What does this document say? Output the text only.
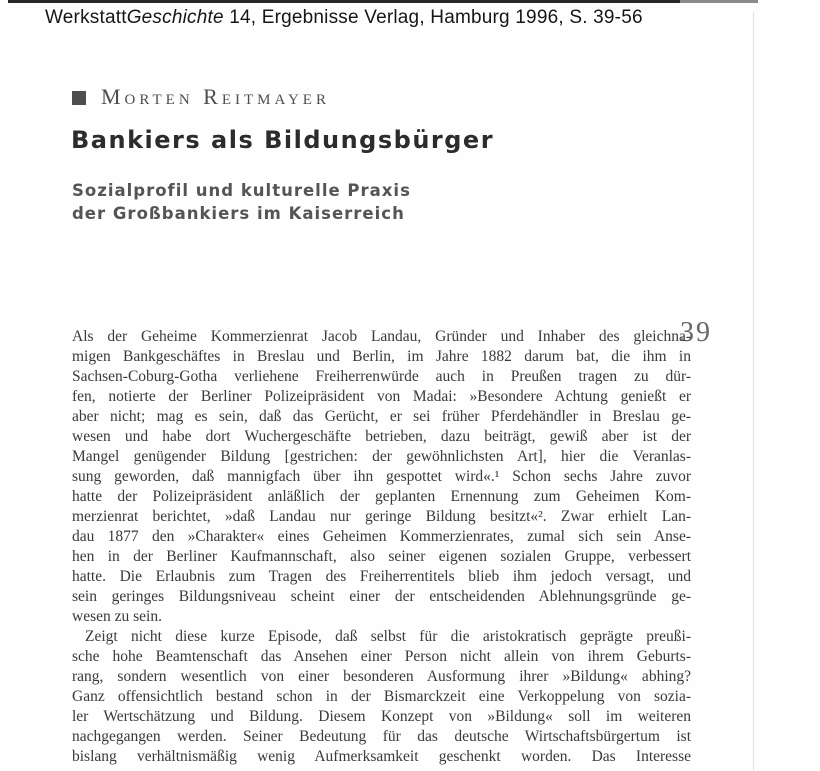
WerkstattGeschichte 14, Ergebnisse Verlag, Hamburg 1996, S. 39-56
Morten Reitmayer
Bankiers als Bildungsbürger
Sozialprofil und kulturelle Praxis
der Großbankiers im Kaiserreich
39
Als der Geheime Kommerzienrat Jacob Landau, Gründer und Inhaber des gleichna-
migen Bankgeschäftes in Breslau und Berlin, im Jahre 1882 darum bat, die ihm in
Sachsen-Coburg-Gotha verliehene Freiherrenwürde auch in Preußen tragen zu dür-
fen, notierte der Berliner Polizeipräsident von Madai: »Besondere Achtung genießt er
aber nicht; mag es sein, daß das Gerücht, er sei früher Pferdehändler in Breslau ge-
wesen und habe dort Wuchergeschäfte betrieben, dazu beiträgt, gewiß aber ist der
Mangel genügender Bildung [gestrichen: der gewöhnlichsten Art], hier die Veranlas-
sung geworden, daß mannigfach über ihn gespottet wird«.¹ Schon sechs Jahre zuvor
hatte der Polizeipräsident anläßlich der geplanten Ernennung zum Geheimen Kom-
merzienrat berichtet, »daß Landau nur geringe Bildung besitzt«². Zwar erhielt Lan-
dau 1877 den »Charakter« eines Geheimen Kommerzienrates, zumal sich sein Anse-
hen in der Berliner Kaufmannschaft, also seiner eigenen sozialen Gruppe, verbessert
hatte. Die Erlaubnis zum Tragen des Freiherrentitels blieb ihm jedoch versagt, und
sein geringes Bildungsniveau scheint einer der entscheidenden Ablehnungsgründe ge-
wesen zu sein.
Zeigt nicht diese kurze Episode, daß selbst für die aristokratisch geprägte preußi-
sche hohe Beamtenschaft das Ansehen einer Person nicht allein von ihrem Geburts-
rang, sondern wesentlich von einer besonderen Ausformung ihrer »Bildung« abhing?
Ganz offensichtlich bestand schon in der Bismarckzeit eine Verkoppelung von sozia-
ler Wertschätzung und Bildung. Diesem Konzept von »Bildung« soll im weiteren
nachgegangen werden. Seiner Bedeutung für das deutsche Wirtschaftsbürgertum ist
bislang verhältnismäßig wenig Aufmerksamkeit geschenkt worden. Das Interesse
